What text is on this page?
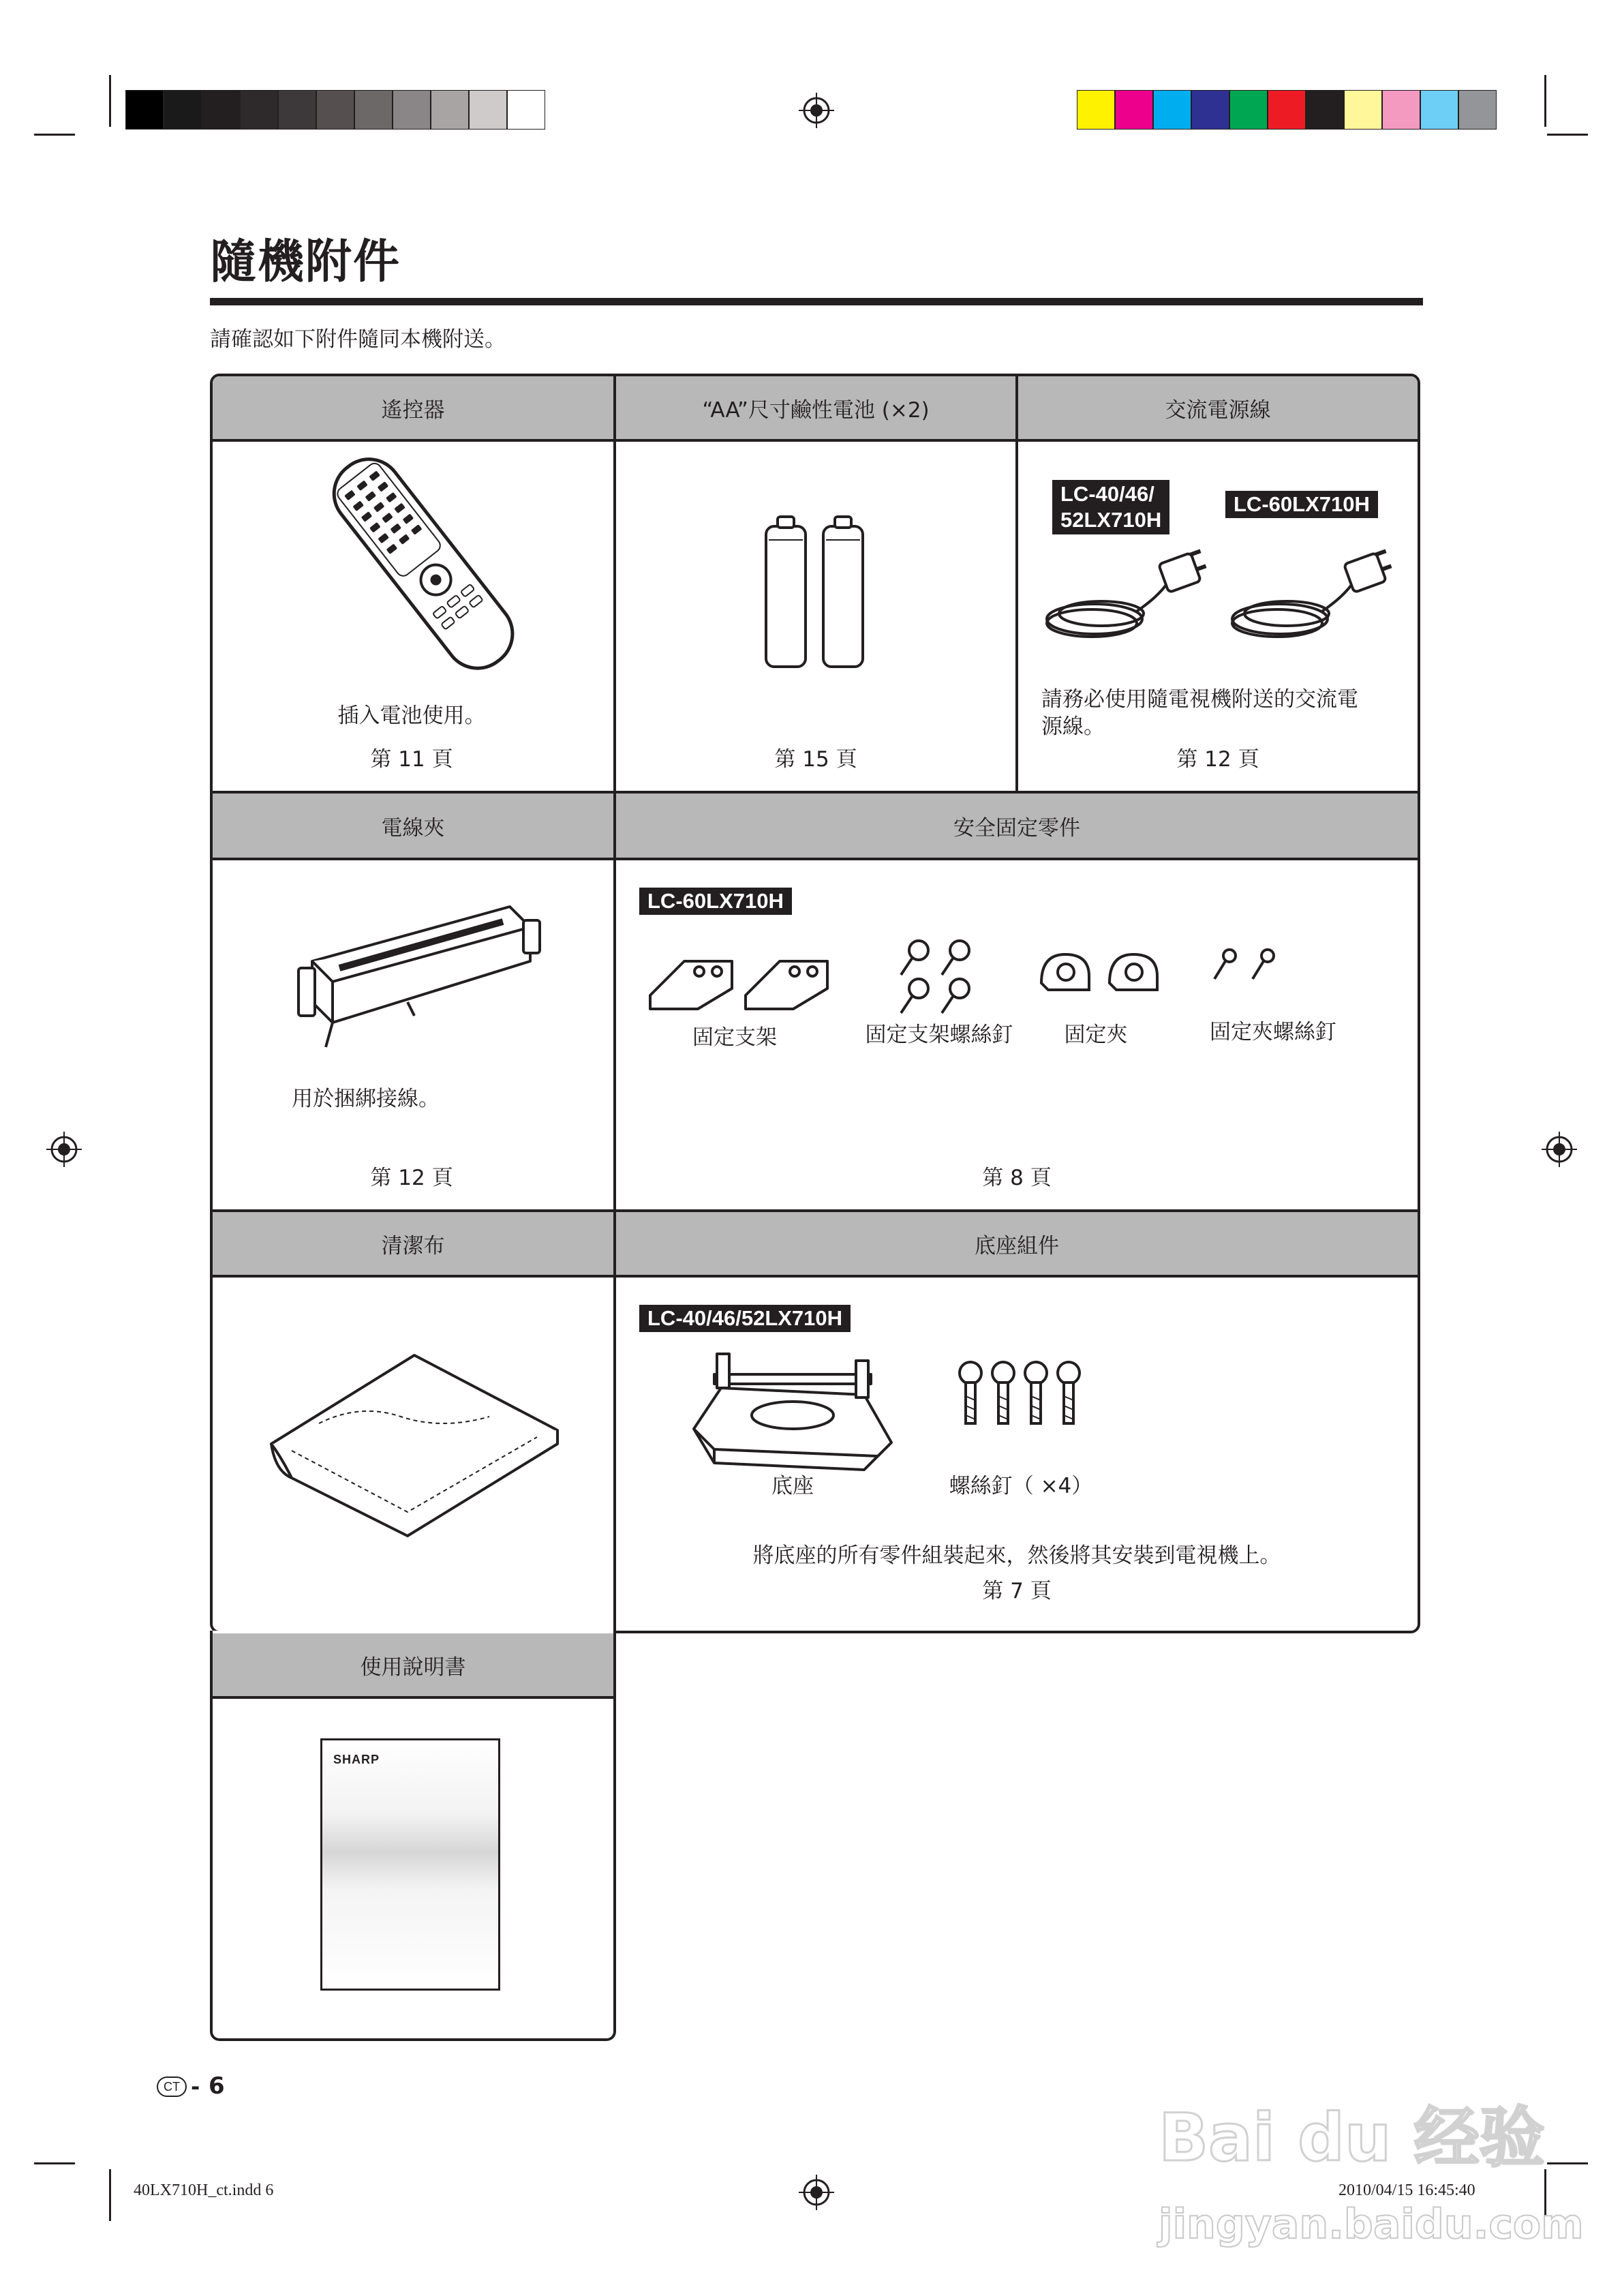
隨機附件
請確認如下附件隨同本機附送。
遙控器	“AA”尺寸鹼性電池 (×2)	交流電源線
插入電池使用。
第 11 頁	第 15 頁
LC-40/46/
52LX710H
LC-60LX710H
請務必使用隨電視機附送的交流電
源線。
第 12 頁
電線夾	安全固定零件
用於捆綁接線。
第 12 頁
LC-60LX710H
固定支架	固定支架螺絲釘	固定夾	固定夾螺絲釘
第 8 頁
清潔布	底座組件
LC-40/46/52LX710H
底座	螺絲釘（ ×4）
將底座的所有零件組裝起來，然後將其安裝到電視機上。
第 7 頁
使用說明書
SHARP
CT - 6
40LX710H_ct.indd 6	2010/04/15 16:45:40
Bai du 经验
jingyan.baidu.com
